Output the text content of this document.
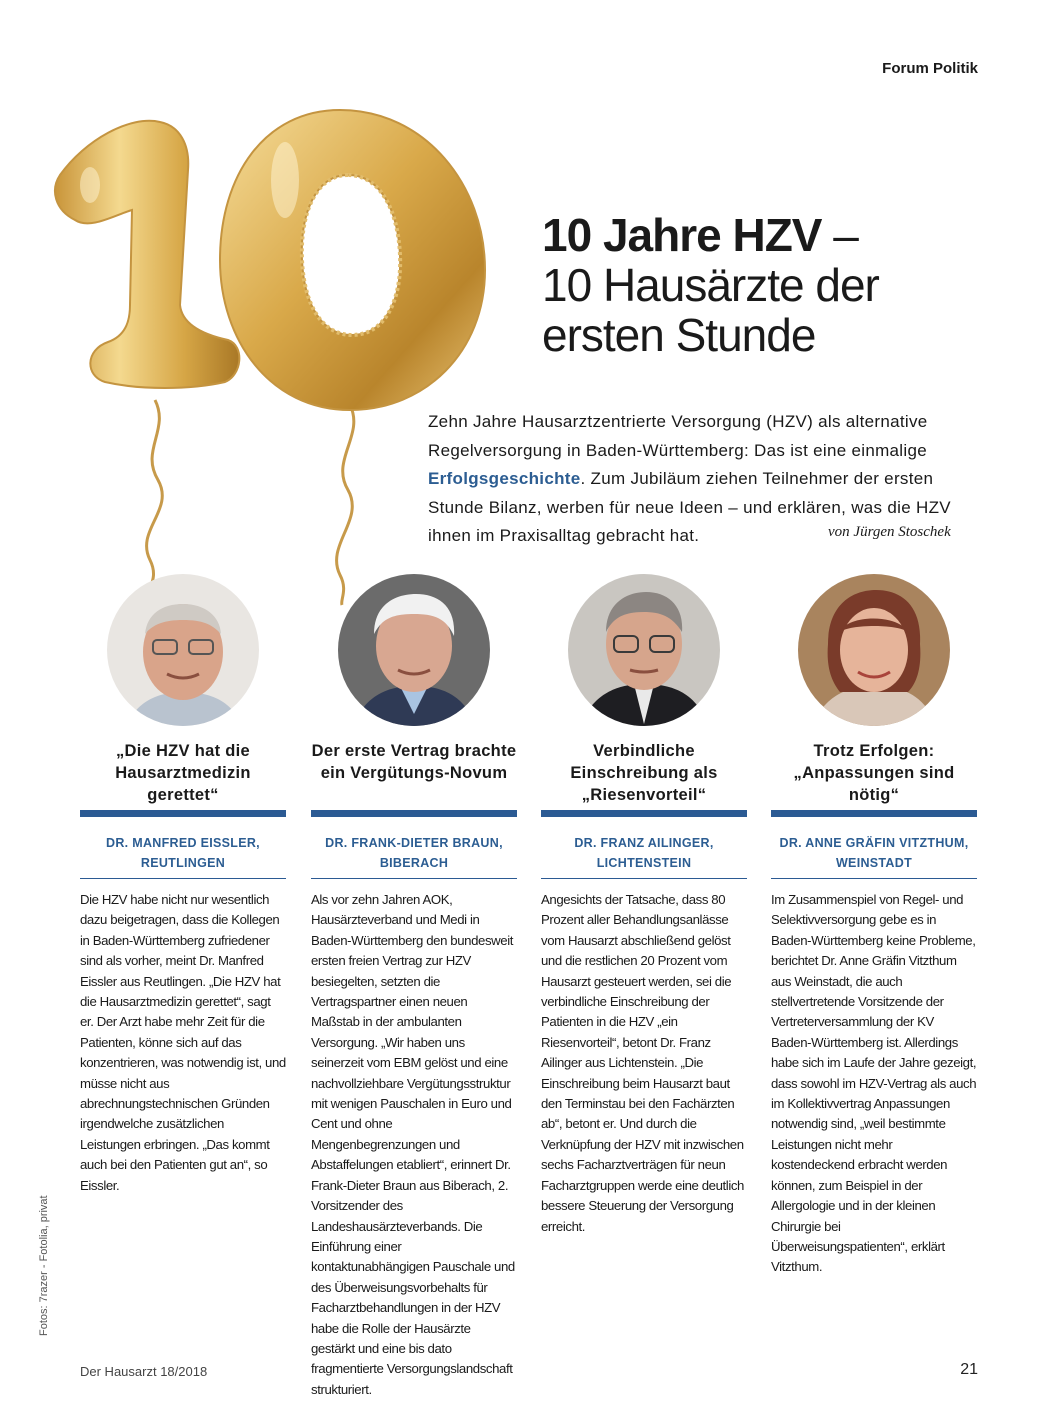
Forum Politik
10 Jahre HZV –
10 Hausärzte der
ersten Stunde
Zehn Jahre Hausarztzentrierte Versorgung (HZV) als alternative Regelversorgung in Baden-Württemberg: Das ist eine einmalige Erfolgsgeschichte. Zum Jubiläum ziehen Teilnehmer der ersten Stunde Bilanz, werben für neue Ideen – und erklären, was die HZV ihnen im Praxisalltag gebracht hat.	von Jürgen Stoschek
„Die HZV hat die Hausarztmedizin gerettet“
DR. MANFRED EISSLER, REUTLINGEN
Die HZV habe nicht nur wesentlich dazu beigetragen, dass die Kollegen in Baden-Württemberg zufriedener sind als vorher, meint Dr. Manfred Eissler aus Reutlingen. „Die HZV hat die Hausarztmedizin gerettet“, sagt er. Der Arzt habe mehr Zeit für die Patienten, könne sich auf das konzentrieren, was notwendig ist, und müsse nicht aus abrechnungstechnischen Gründen irgendwelche zusätzlichen Leistungen erbringen. „Das kommt auch bei den Patienten gut an“, so Eissler.
Der erste Vertrag brachte ein Vergütungs-Novum
DR. FRANK-DIETER BRAUN, BIBERACH
Als vor zehn Jahren AOK, Hausärzteverband und Medi in Baden-Württemberg den bundesweit ersten freien Vertrag zur HZV besiegelten, setzten die Vertragspartner einen neuen Maßstab in der ambulanten Versorgung. „Wir haben uns seinerzeit vom EBM gelöst und eine nachvollziehbare Vergütungsstruktur mit wenigen Pauschalen in Euro und Cent und ohne Mengenbegrenzungen und Abstaffelungen etabliert“, erinnert Dr. Frank-Dieter Braun aus Biberach, 2. Vorsitzender des Landeshausärzteverbands. Die Einführung einer kontaktunabhängigen Pauschale und des Überweisungsvorbehalts für Facharztbehandlungen in der HZV habe die Rolle der Hausärzte gestärkt und eine bis dato fragmentierte Versorgungslandschaft strukturiert.
Verbindliche Einschreibung als „Riesenvorteil“
DR. FRANZ AILINGER, LICHTENSTEIN
Angesichts der Tatsache, dass 80 Prozent aller Behandlungsanlässe vom Hausarzt abschließend gelöst und die restlichen 20 Prozent vom Hausarzt gesteuert werden, sei die verbindliche Einschreibung der Patienten in die HZV „ein Riesenvorteil“, betont Dr. Franz Ailinger aus Lichtenstein. „Die Einschreibung beim Hausarzt baut den Terminstau bei den Fachärzten ab“, betont er. Und durch die Verknüpfung der HZV mit inzwischen sechs Facharztverträgen für neun Facharztgruppen werde eine deutlich bessere Steuerung der Versorgung erreicht.
Trotz Erfolgen: „Anpassungen sind nötig“
DR. ANNE GRÄFIN VITZTHUM, WEINSTADT
Im Zusammenspiel von Regel- und Selektivversorgung gebe es in Baden-Württemberg keine Probleme, berichtet Dr. Anne Gräfin Vitzthum aus Weinstadt, die auch stellvertretende Vorsitzende der Vertreterversammlung der KV Baden-Württemberg ist. Allerdings habe sich im Laufe der Jahre gezeigt, dass sowohl im HZV-Vertrag als auch im Kollektivvertrag Anpassungen notwendig sind, „weil bestimmte Leistungen nicht mehr kostendeckend erbracht werden können, zum Beispiel in der Allergologie und in der kleinen Chirurgie bei Überweisungspatienten“, erklärt Vitzthum.
Fotos: 7razer - Fotolia, privat
Der Hausarzt 18/2018	21
